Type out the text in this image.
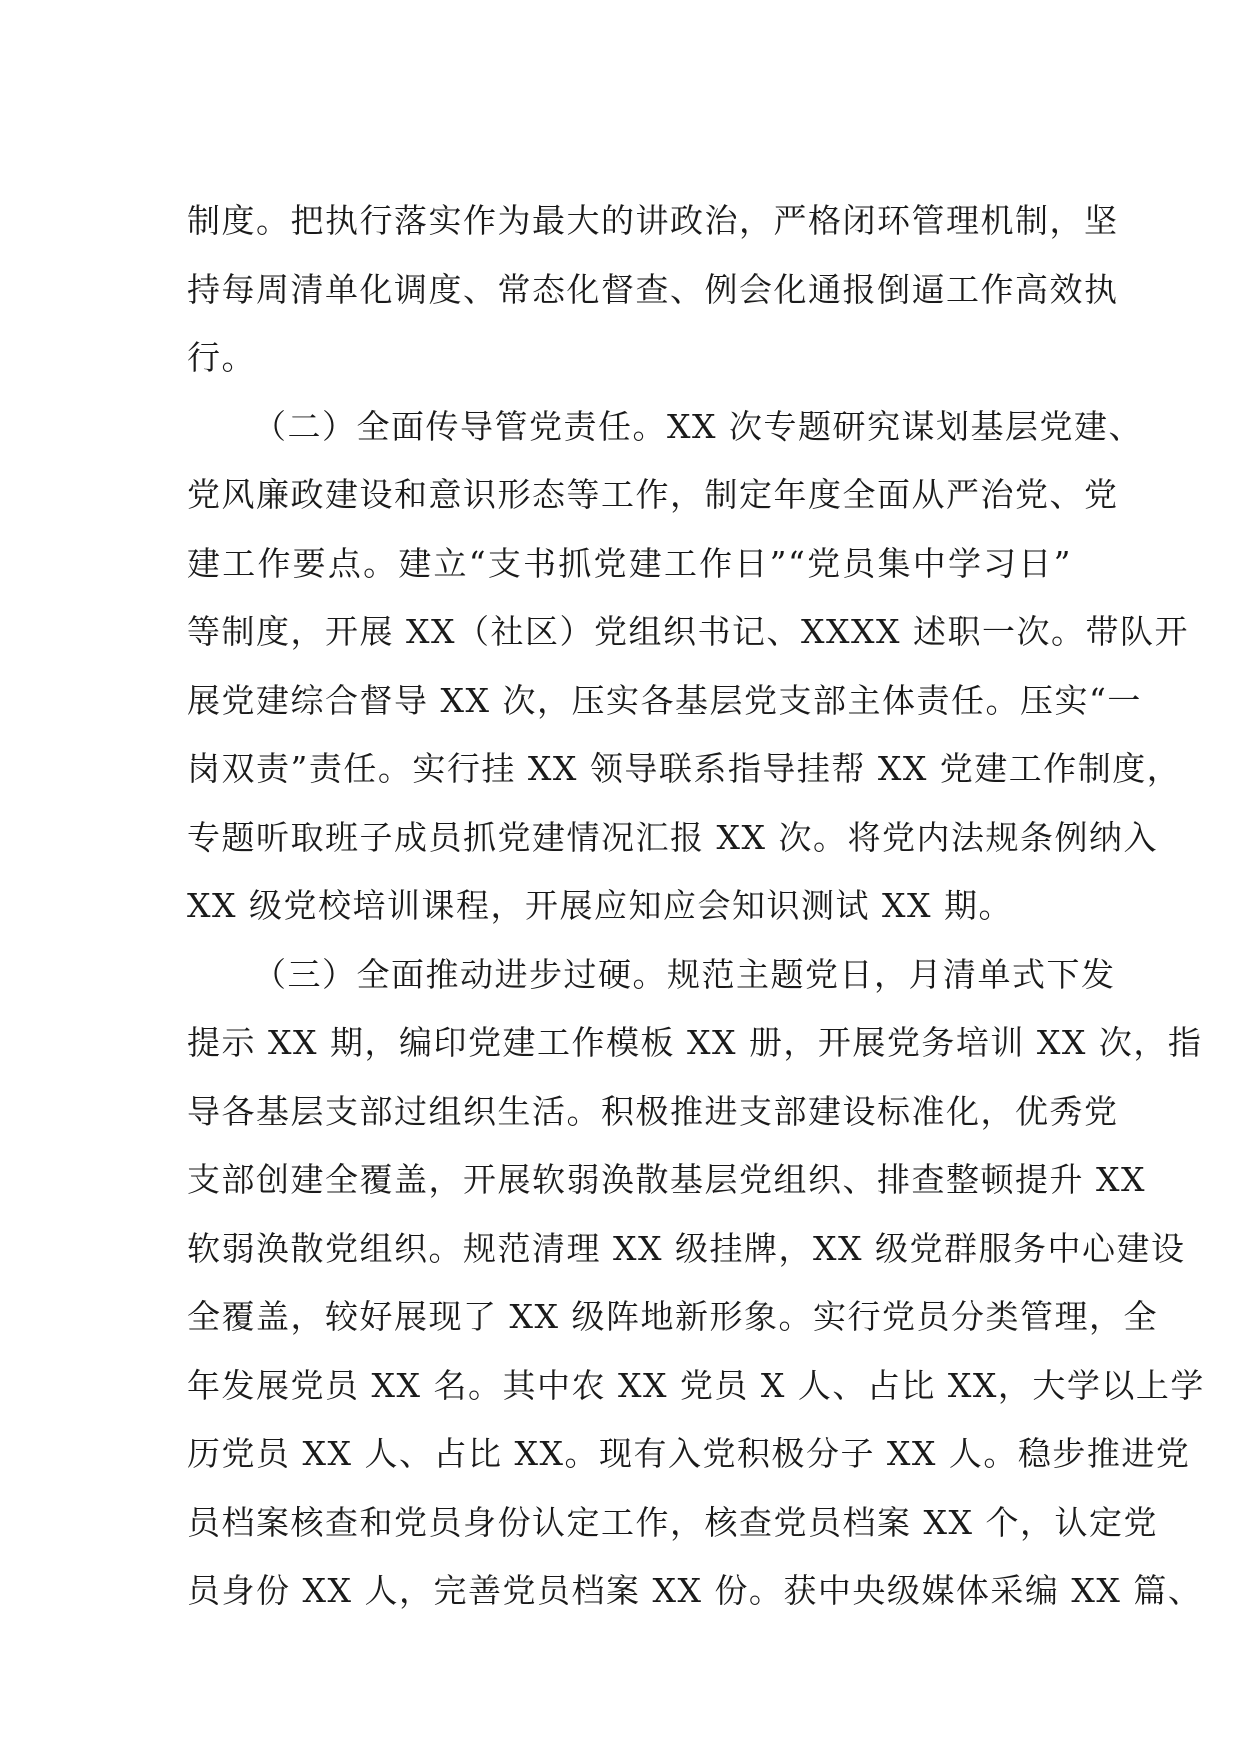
制度。把执行落实作为最大的讲政治，严格闭环管理机制，坚
持每周清单化调度、常态化督查、例会化通报倒逼工作高效执
行。
（二）全面传导管党责任。XX 次专题研究谋划基层党建、
党风廉政建设和意识形态等工作，制定年度全面从严治党、党
建工作要点。建立“支书抓党建工作日”“党员集中学习日”
等制度，开展 XX（社区）党组织书记、XXXX 述职一次。带队开
展党建综合督导 XX 次，压实各基层党支部主体责任。压实“一
岗双责”责任。实行挂 XX 领导联系指导挂帮 XX 党建工作制度，
专题听取班子成员抓党建情况汇报 XX 次。将党内法规条例纳入
XX 级党校培训课程，开展应知应会知识测试 XX 期。
（三）全面推动进步过硬。规范主题党日，月清单式下发
提示 XX 期，编印党建工作模板 XX 册，开展党务培训 XX 次，指
导各基层支部过组织生活。积极推进支部建设标准化，优秀党
支部创建全覆盖，开展软弱涣散基层党组织、排查整顿提升 XX
软弱涣散党组织。规范清理 XX 级挂牌，XX 级党群服务中心建设
全覆盖，较好展现了 XX 级阵地新形象。实行党员分类管理，全
年发展党员 XX 名。其中农 XX 党员 X 人、占比 XX，大学以上学
历党员 XX 人、占比 XX。现有入党积极分子 XX 人。稳步推进党
员档案核查和党员身份认定工作，核查党员档案 XX 个，认定党
员身份 XX 人，完善党员档案 XX 份。获中央级媒体采编 XX 篇、
